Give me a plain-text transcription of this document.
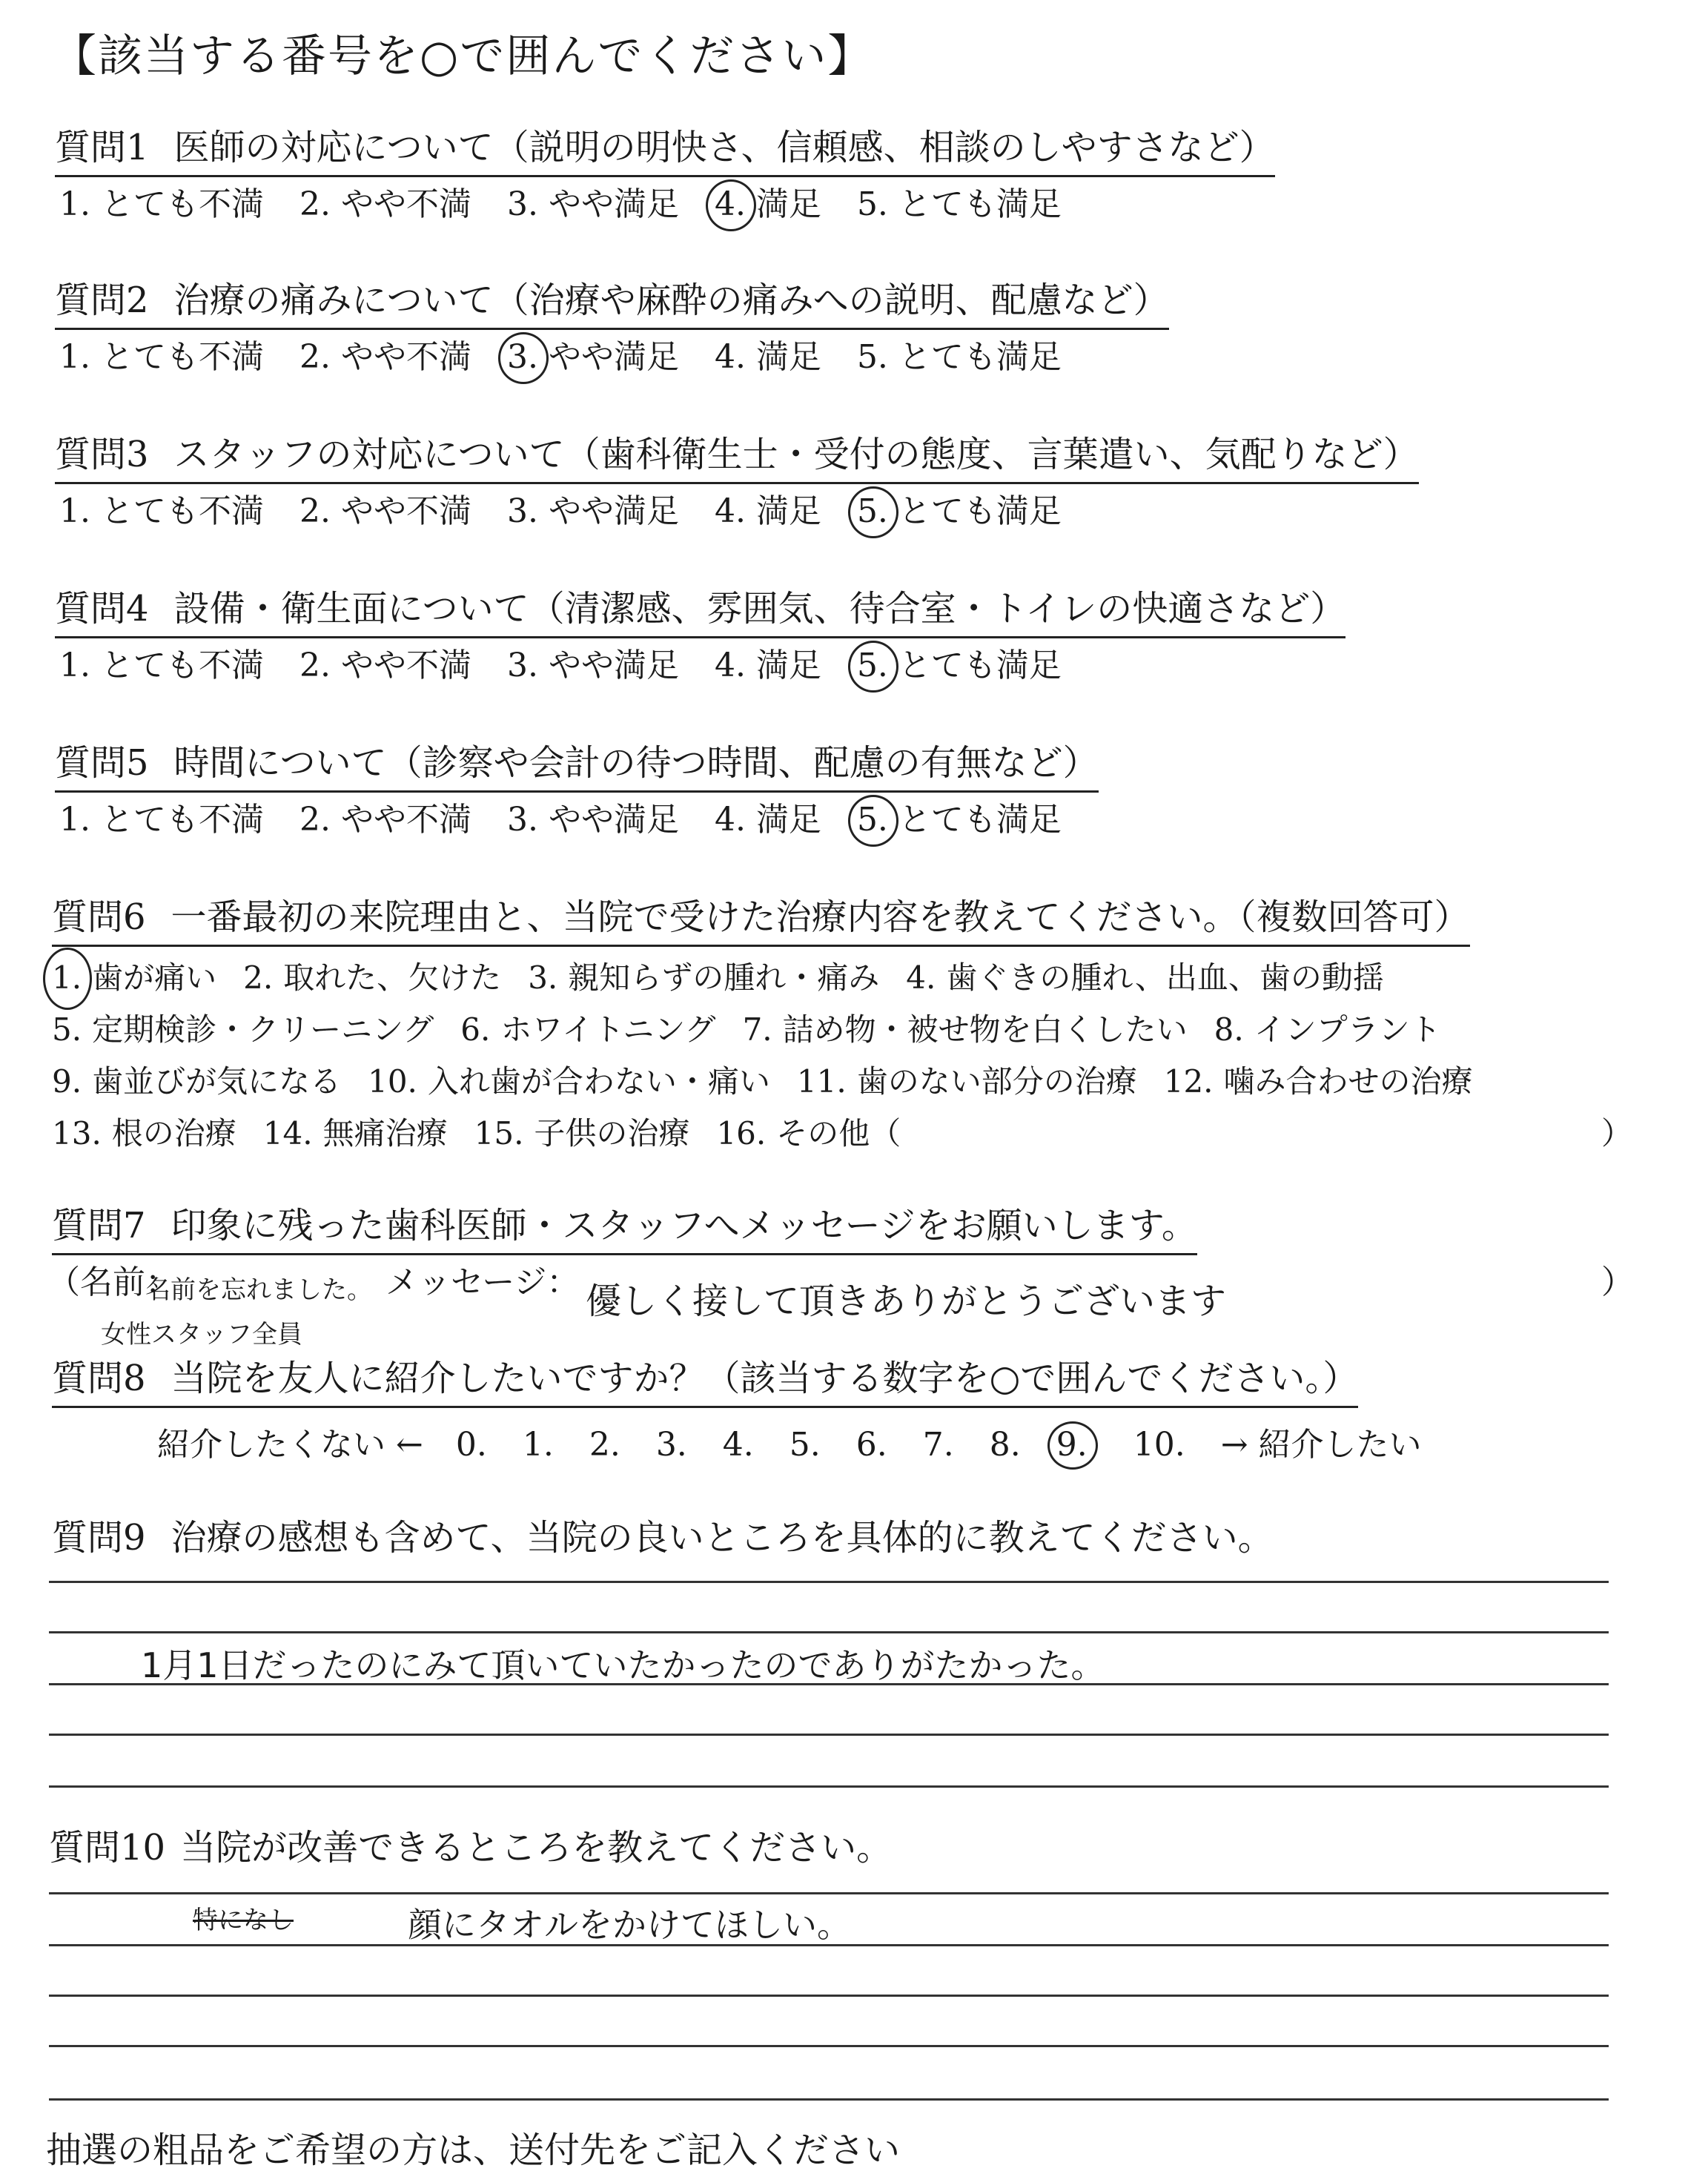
【該当する番号を○で囲んでください】
質問1 医師の対応について（説明の明快さ、信頼感、相談のしやすさなど）
1. とても不満 2. やや不満 3. やや満足 4. 満足 5. とても満足
質問2 治療の痛みについて（治療や麻酔の痛みへの説明、配慮など）
1. とても不満 2. やや不満 3. やや満足 4. 満足 5. とても満足
質問3 スタッフの対応について（歯科衛生士・受付の態度、言葉遣い、気配りなど）
1. とても不満 2. やや不満 3. やや満足 4. 満足 5. とても満足
質問4 設備・衛生面について（清潔感、雰囲気、待合室・トイレの快適さなど）
1. とても不満 2. やや不満 3. やや満足 4. 満足 5. とても満足
質問5 時間について（診察や会計の待つ時間、配慮の有無など）
1. とても不満 2. やや不満 3. やや満足 4. 満足 5. とても満足
質問6 一番最初の来院理由と、当院で受けた治療内容を教えてください。（複数回答可）
1. 歯が痛い 2. 取れた、欠けた 3. 親知らずの腫れ・痛み 4. 歯ぐきの腫れ、出血、歯の動揺
5. 定期検診・クリーニング 6. ホワイトニング 7. 詰め物・被せ物を白くしたい 8. インプラント
9. 歯並びが気になる 10. 入れ歯が合わない・痛い 11. 歯のない部分の治療 12. 噛み合わせの治療
13. 根の治療 14. 無痛治療 15. 子供の治療 16. その他（	）
質問7 印象に残った歯科医師・スタッフへメッセージをお願いします。
（名前：
名前を忘れました。
女性スタッフ全員
メッセージ： 優しく接して頂きありがとうございます	）
質問8 当院を友人に紹介したいですか？（該当する数字を○で囲んでください。）
紹介したくない ← 0. 1. 2. 3. 4. 5. 6. 7. 8. 9. 10. → 紹介したい
質問9 治療の感想も含めて、当院の良いところを具体的に教えてください。
1月1日だったのにみて頂いていたかったのでありがたかった。
質問10 当院が改善できるところを教えてください。
特になし	顔にタオルをかけてほしい。
抽選の粗品をご希望の方は、送付先をご記入ください
